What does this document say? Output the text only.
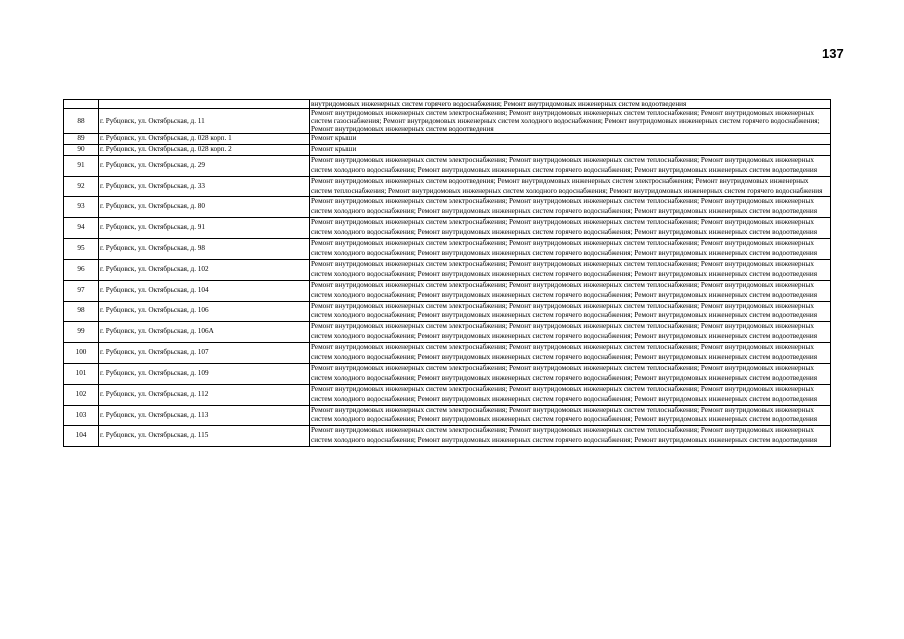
137
		внутридомовых инженерных систем горячего водоснабжения; Ремонт внутридомовых инженерных систем водоотведения
88	г. Рубцовск, ул. Октябрьская, д. 11	Ремонт внутридомовых инженерных систем электроснабжения; Ремонт внутридомовых инженерных систем теплоснабжения; Ремонт внутридомовых инженерных систем газоснабжения; Ремонт внутридомовых инженерных систем холодного водоснабжения; Ремонт внутридомовых инженерных систем горячего водоснабжения; Ремонт внутридомовых инженерных систем водоотведения
89	г. Рубцовск, ул. Октябрьская, д. 028 корп. 1	Ремонт крыши
90	г. Рубцовск, ул. Октябрьская, д. 028 корп. 2	Ремонт крыши
91	г. Рубцовск, ул. Октябрьская, д. 29	Ремонт внутридомовых инженерных систем электроснабжения; Ремонт внутридомовых инженерных систем теплоснабжения; Ремонт внутридомовых инженерных систем холодного водоснабжения; Ремонт внутридомовых инженерных систем горячего водоснабжения; Ремонт внутридомовых инженерных систем водоотведения
92	г. Рубцовск, ул. Октябрьская, д. 33	Ремонт внутридомовых инженерных систем водоотведения; Ремонт внутридомовых инженерных систем электроснабжения; Ремонт внутридомовых инженерных систем теплоснабжения; Ремонт внутридомовых инженерных систем холодного водоснабжения; Ремонт внутридомовых инженерных систем горячего водоснабжения
93	г. Рубцовск, ул. Октябрьская, д. 80	Ремонт внутридомовых инженерных систем электроснабжения; Ремонт внутридомовых инженерных систем теплоснабжения; Ремонт внутридомовых инженерных систем холодного водоснабжения; Ремонт внутридомовых инженерных систем горячего водоснабжения; Ремонт внутридомовых инженерных систем водоотведения
94	г. Рубцовск, ул. Октябрьская, д. 91	Ремонт внутридомовых инженерных систем электроснабжения; Ремонт внутридомовых инженерных систем теплоснабжения; Ремонт внутридомовых инженерных систем холодного водоснабжения; Ремонт внутридомовых инженерных систем горячего водоснабжения; Ремонт внутридомовых инженерных систем водоотведения
95	г. Рубцовск, ул. Октябрьская, д. 98	Ремонт внутридомовых инженерных систем электроснабжения; Ремонт внутридомовых инженерных систем теплоснабжения; Ремонт внутридомовых инженерных систем холодного водоснабжения; Ремонт внутридомовых инженерных систем горячего водоснабжения; Ремонт внутридомовых инженерных систем водоотведения
96	г. Рубцовск, ул. Октябрьская, д. 102	Ремонт внутридомовых инженерных систем электроснабжения; Ремонт внутридомовых инженерных систем теплоснабжения; Ремонт внутридомовых инженерных систем холодного водоснабжения; Ремонт внутридомовых инженерных систем горячего водоснабжения; Ремонт внутридомовых инженерных систем водоотведения
97	г. Рубцовск, ул. Октябрьская, д. 104	Ремонт внутридомовых инженерных систем электроснабжения; Ремонт внутридомовых инженерных систем теплоснабжения; Ремонт внутридомовых инженерных систем холодного водоснабжения; Ремонт внутридомовых инженерных систем горячего водоснабжения; Ремонт внутридомовых инженерных систем водоотведения
98	г. Рубцовск, ул. Октябрьская, д. 106	Ремонт внутридомовых инженерных систем электроснабжения; Ремонт внутридомовых инженерных систем теплоснабжения; Ремонт внутридомовых инженерных систем холодного водоснабжения; Ремонт внутридомовых инженерных систем горячего водоснабжения; Ремонт внутридомовых инженерных систем водоотведения
99	г. Рубцовск, ул. Октябрьская, д. 106А	Ремонт внутридомовых инженерных систем электроснабжения; Ремонт внутридомовых инженерных систем теплоснабжения; Ремонт внутридомовых инженерных систем холодного водоснабжения; Ремонт внутридомовых инженерных систем горячего водоснабжения; Ремонт внутридомовых инженерных систем водоотведения
100	г. Рубцовск, ул. Октябрьская, д. 107	Ремонт внутридомовых инженерных систем электроснабжения; Ремонт внутридомовых инженерных систем теплоснабжения; Ремонт внутридомовых инженерных систем холодного водоснабжения; Ремонт внутридомовых инженерных систем горячего водоснабжения; Ремонт внутридомовых инженерных систем водоотведения
101	г. Рубцовск, ул. Октябрьская, д. 109	Ремонт внутридомовых инженерных систем электроснабжения; Ремонт внутридомовых инженерных систем теплоснабжения; Ремонт внутридомовых инженерных систем холодного водоснабжения; Ремонт внутридомовых инженерных систем горячего водоснабжения; Ремонт внутридомовых инженерных систем водоотведения
102	г. Рубцовск, ул. Октябрьская, д. 112	Ремонт внутридомовых инженерных систем электроснабжения; Ремонт внутридомовых инженерных систем теплоснабжения; Ремонт внутридомовых инженерных систем холодного водоснабжения; Ремонт внутридомовых инженерных систем горячего водоснабжения; Ремонт внутридомовых инженерных систем водоотведения
103	г. Рубцовск, ул. Октябрьская, д. 113	Ремонт внутридомовых инженерных систем электроснабжения; Ремонт внутридомовых инженерных систем теплоснабжения; Ремонт внутридомовых инженерных систем холодного водоснабжения; Ремонт внутридомовых инженерных систем горячего водоснабжения; Ремонт внутридомовых инженерных систем водоотведения
104	г. Рубцовск, ул. Октябрьская, д. 115	Ремонт внутридомовых инженерных систем электроснабжения; Ремонт внутридомовых инженерных систем теплоснабжения; Ремонт внутридомовых инженерных систем холодного водоснабжения; Ремонт внутридомовых инженерных систем горячего водоснабжения; Ремонт внутридомовых инженерных систем водоотведения
